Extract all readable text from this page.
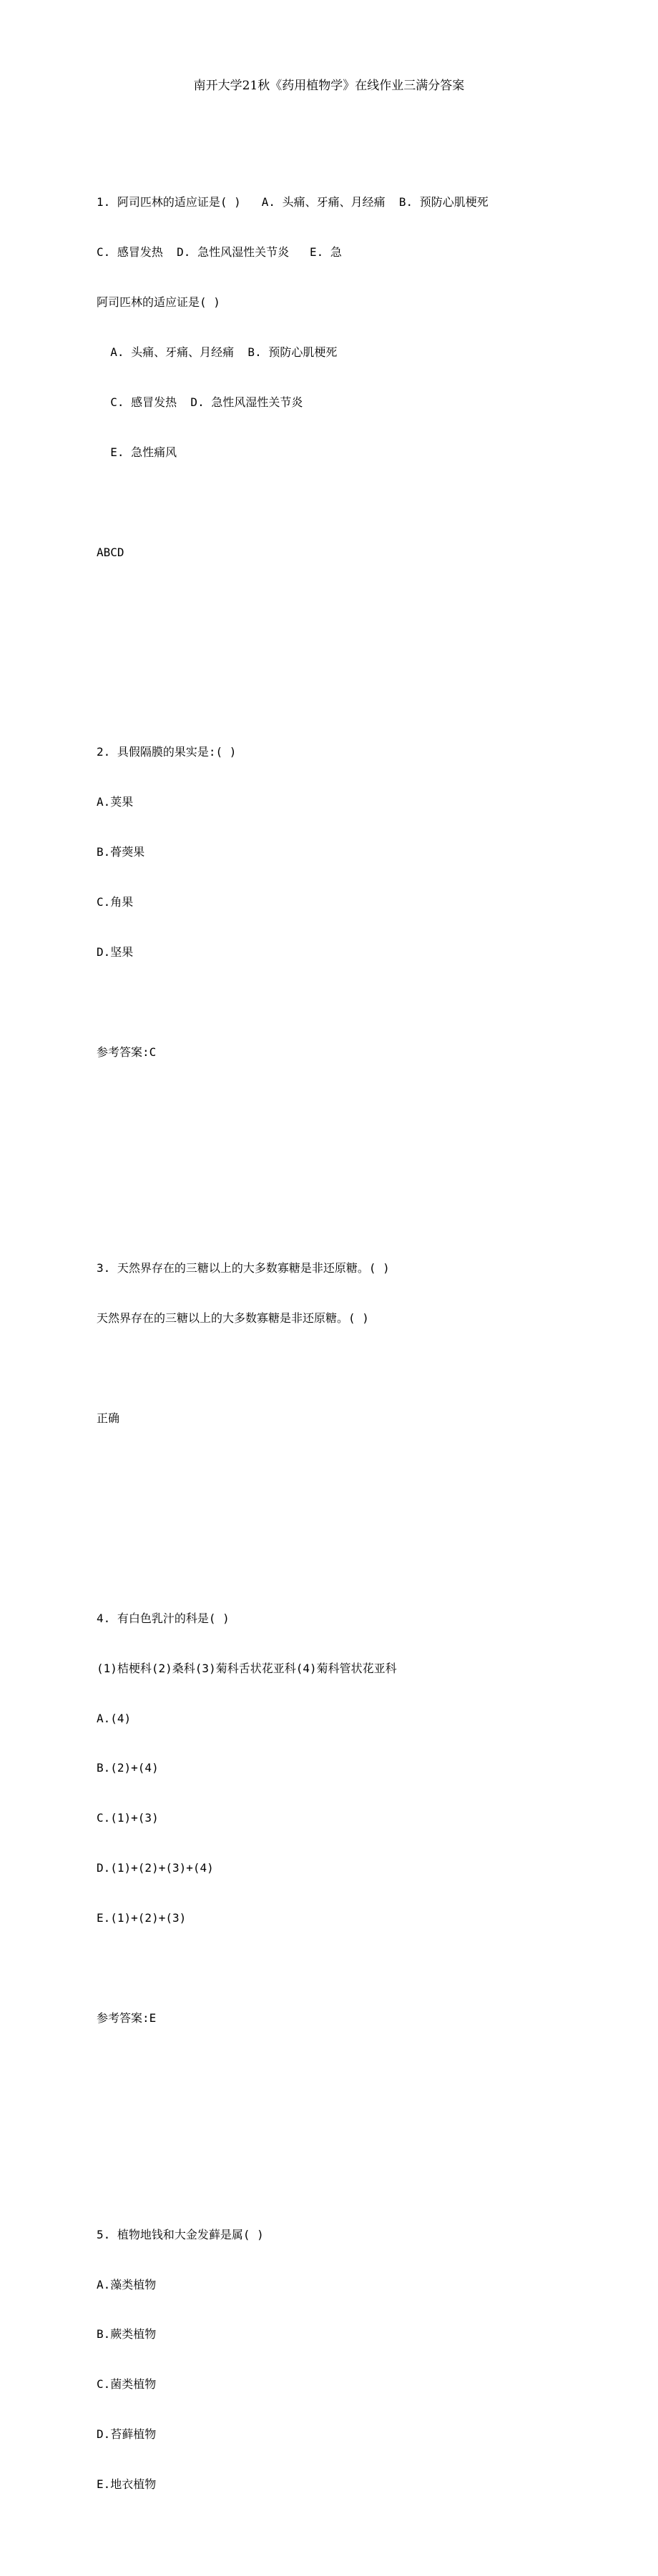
南开大学21秋《药用植物学》在线作业三满分答案

1. 阿司匹林的适应证是( )   A. 头痛、牙痛、月经痛  B. 预防心肌梗死

C. 感冒发热  D. 急性风湿性关节炎   E. 急

阿司匹林的适应证是( )

A. 头痛、牙痛、月经痛  B. 预防心肌梗死

C. 感冒发热  D. 急性风湿性关节炎

E. 急性痛风

ABCD

2. 具假隔膜的果实是:( )

A.荚果

B.蓇葖果

C.角果

D.坚果

参考答案:C

3. 天然界存在的三糖以上的大多数寡糖是非还原糖。( )

天然界存在的三糖以上的大多数寡糖是非还原糖。( )

正确

4. 有白色乳汁的科是( )

(1)桔梗科(2)桑科(3)菊科舌状花亚科(4)菊科管状花亚科

A.(4)

B.(2)+(4)

C.(1)+(3)

D.(1)+(2)+(3)+(4)

E.(1)+(2)+(3)

参考答案:E

5. 植物地钱和大金发藓是属( )

A.藻类植物

B.蕨类植物

C.菌类植物

D.苔藓植物

E.地衣植物
